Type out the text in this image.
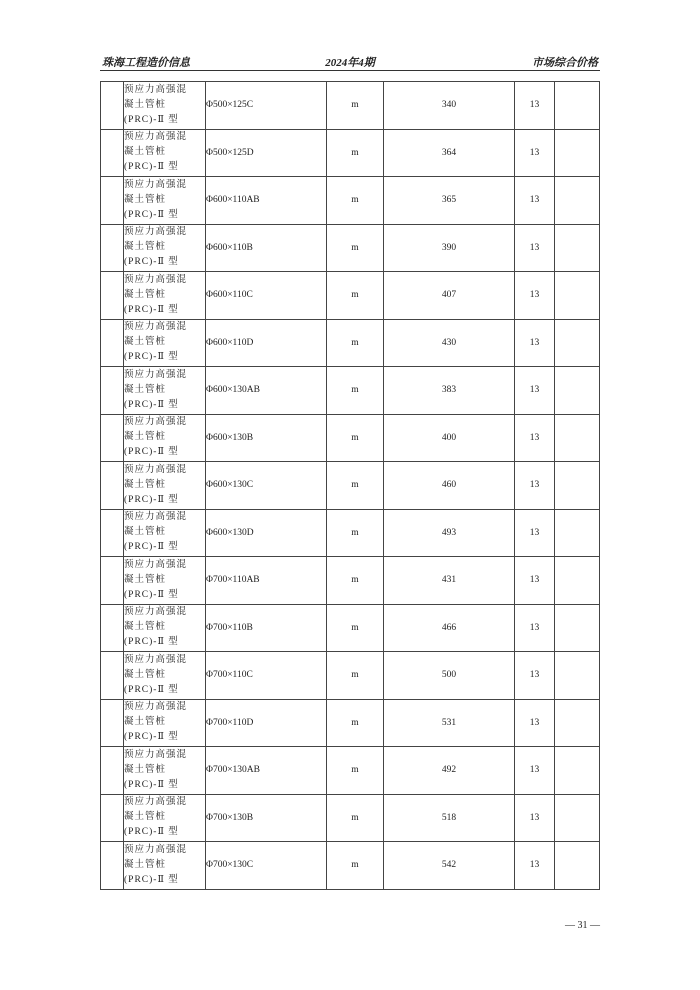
珠海工程造价信息	2024年4期	市场综合价格

	预应力高强混
凝土管桩
(PRC)-Ⅱ 型	Φ500×125C	m	340	13	

	预应力高强混
凝土管桩
(PRC)-Ⅱ 型	Φ500×125D	m	364	13	

	预应力高强混
凝土管桩
(PRC)-Ⅱ 型	Φ600×110AB	m	365	13	

	预应力高强混
凝土管桩
(PRC)-Ⅱ 型	Φ600×110B	m	390	13	

	预应力高强混
凝土管桩
(PRC)-Ⅱ 型	Φ600×110C	m	407	13	

	预应力高强混
凝土管桩
(PRC)-Ⅱ 型	Φ600×110D	m	430	13	

	预应力高强混
凝土管桩
(PRC)-Ⅱ 型	Φ600×130AB	m	383	13	

	预应力高强混
凝土管桩
(PRC)-Ⅱ 型	Φ600×130B	m	400	13	

	预应力高强混
凝土管桩
(PRC)-Ⅱ 型	Φ600×130C	m	460	13	

	预应力高强混
凝土管桩
(PRC)-Ⅱ 型	Φ600×130D	m	493	13	

	预应力高强混
凝土管桩
(PRC)-Ⅱ 型	Φ700×110AB	m	431	13	

	预应力高强混
凝土管桩
(PRC)-Ⅱ 型	Φ700×110B	m	466	13	

	预应力高强混
凝土管桩
(PRC)-Ⅱ 型	Φ700×110C	m	500	13	

	预应力高强混
凝土管桩
(PRC)-Ⅱ 型	Φ700×110D	m	531	13	

	预应力高强混
凝土管桩
(PRC)-Ⅱ 型	Φ700×130AB	m	492	13	

	预应力高强混
凝土管桩
(PRC)-Ⅱ 型	Φ700×130B	m	518	13	

	预应力高强混
凝土管桩
(PRC)-Ⅱ 型	Φ700×130C	m	542	13	
— 31 —
